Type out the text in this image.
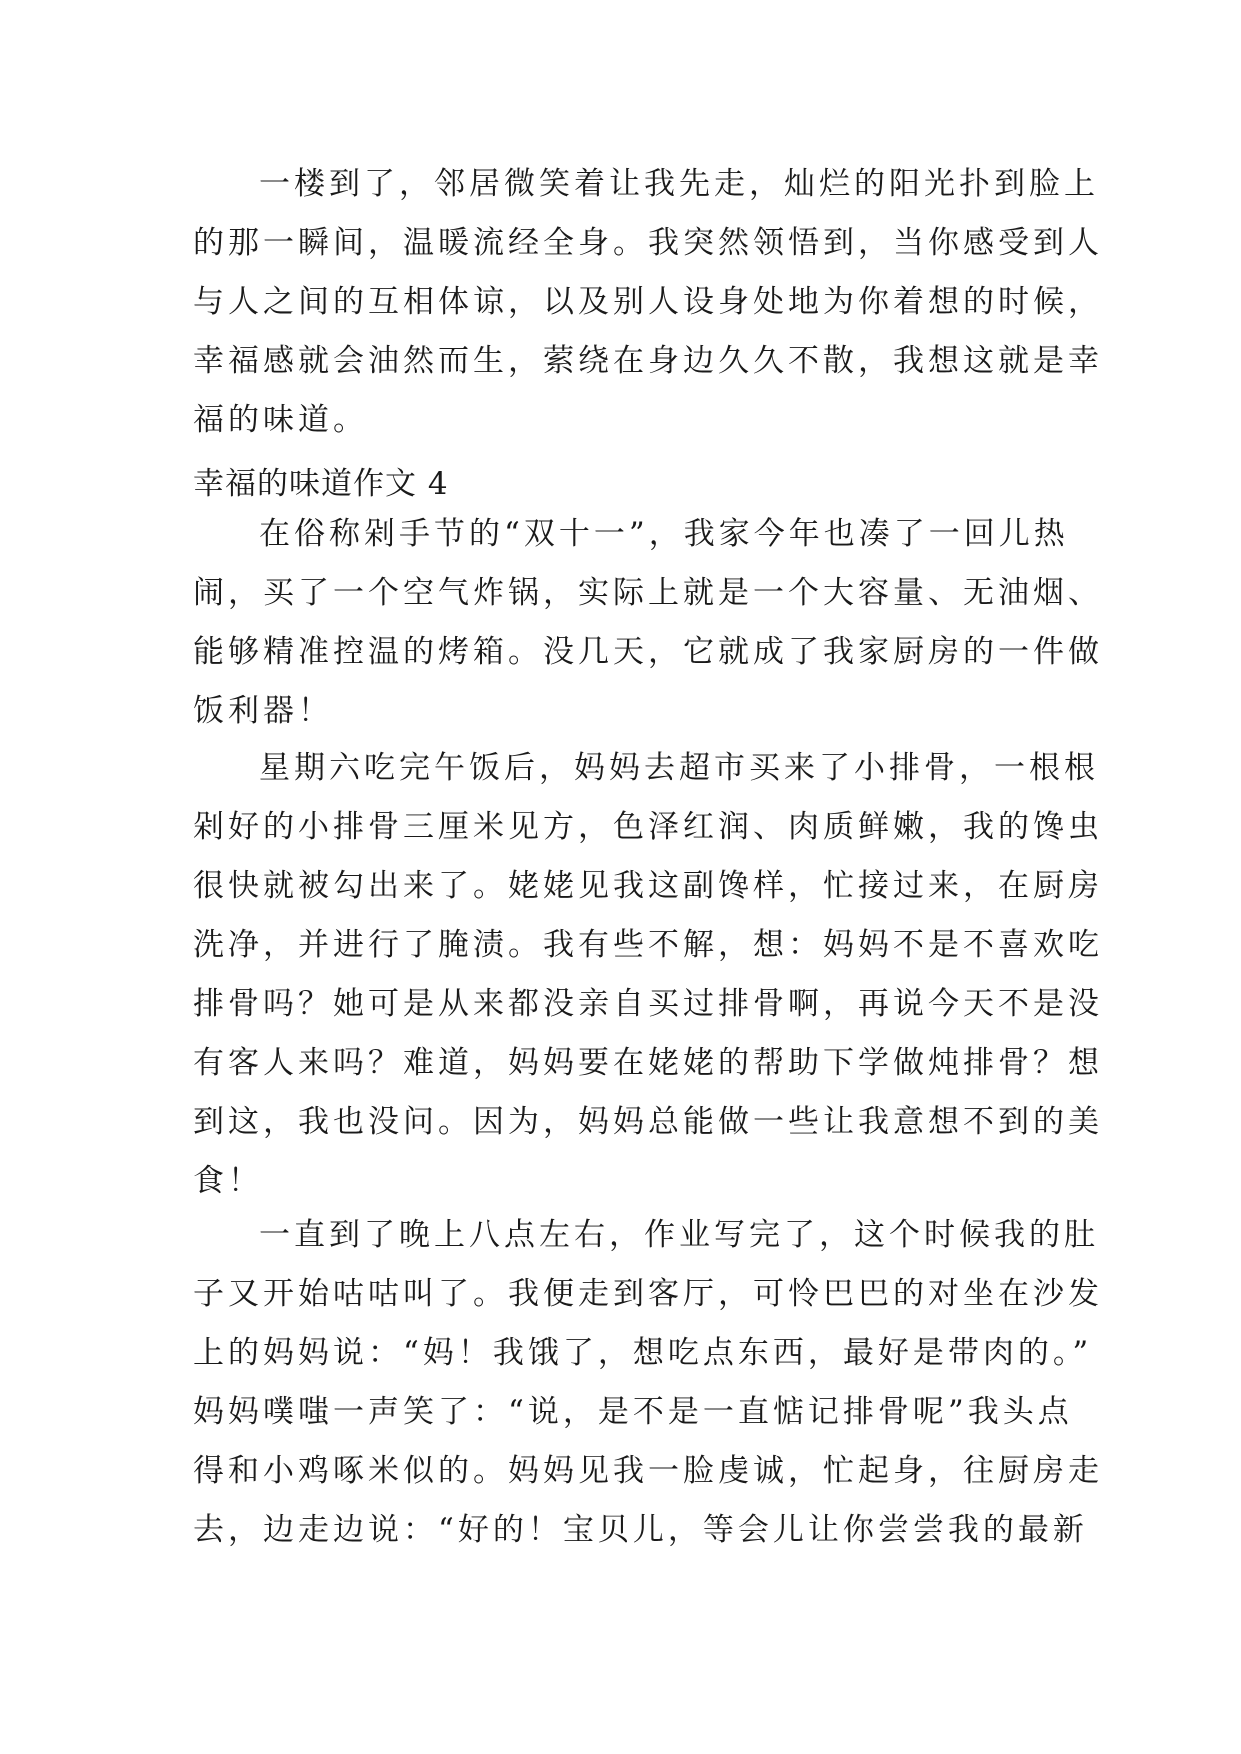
一楼到了，邻居微笑着让我先走，灿烂的阳光扑到脸上
的那一瞬间，温暖流经全身。我突然领悟到，当你感受到人
与人之间的互相体谅，以及别人设身处地为你着想的时候，
幸福感就会油然而生，萦绕在身边久久不散，我想这就是幸
福的味道。
幸福的味道作文 4
在俗称剁手节的“双十一”，我家今年也凑了一回儿热
闹，买了一个空气炸锅，实际上就是一个大容量、无油烟、
能够精准控温的烤箱。没几天，它就成了我家厨房的一件做
饭利器！
星期六吃完午饭后，妈妈去超市买来了小排骨，一根根
剁好的小排骨三厘米见方，色泽红润、肉质鲜嫩，我的馋虫
很快就被勾出来了。姥姥见我这副馋样，忙接过来，在厨房
洗净，并进行了腌渍。我有些不解，想：妈妈不是不喜欢吃
排骨吗？她可是从来都没亲自买过排骨啊，再说今天不是没
有客人来吗？难道，妈妈要在姥姥的帮助下学做炖排骨？想
到这，我也没问。因为，妈妈总能做一些让我意想不到的美
食！
一直到了晚上八点左右，作业写完了，这个时候我的肚
子又开始咕咕叫了。我便走到客厅，可怜巴巴的对坐在沙发
上的妈妈说：“妈！我饿了，想吃点东西，最好是带肉的。”
妈妈噗嗤一声笑了：“说，是不是一直惦记排骨呢”我头点
得和小鸡啄米似的。妈妈见我一脸虔诚，忙起身，往厨房走
去，边走边说：“好的！宝贝儿，等会儿让你尝尝我的最新
